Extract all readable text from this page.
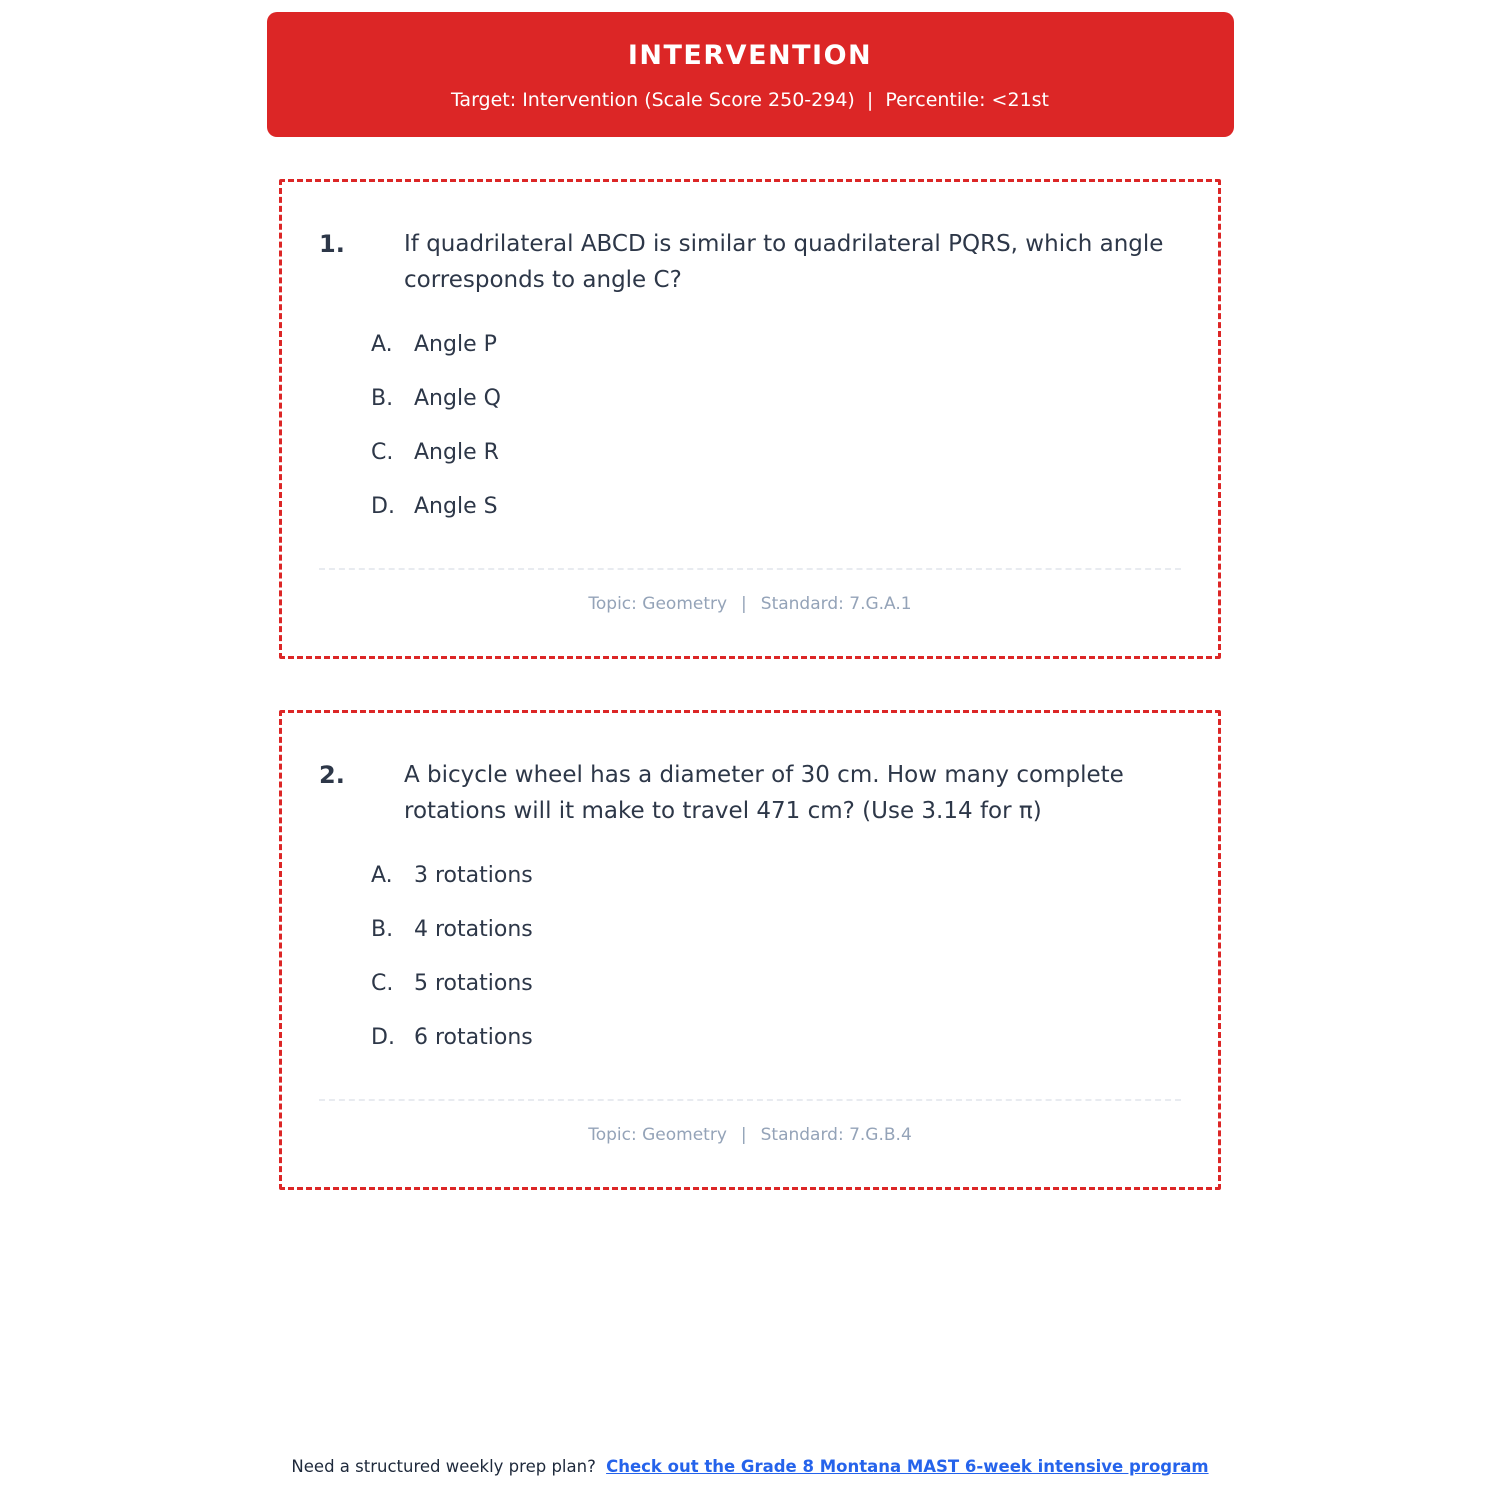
INTERVENTION
Target: Intervention (Scale Score 250-294)  |  Percentile: <21st
1.	If quadrilateral ABCD is similar to quadrilateral PQRS, which angle corresponds to angle C?
A. Angle P
B. Angle Q
C. Angle R
D. Angle S
Topic: Geometry | Standard: 7.G.A.1
2.	A bicycle wheel has a diameter of 30 cm. How many complete rotations will it make to travel 471 cm? (Use 3.14 for π)
A. 3 rotations
B. 4 rotations
C. 5 rotations
D. 6 rotations
Topic: Geometry | Standard: 7.G.B.4
Need a structured weekly prep plan? Check out the Grade 8 Montana MAST 6-week intensive program
